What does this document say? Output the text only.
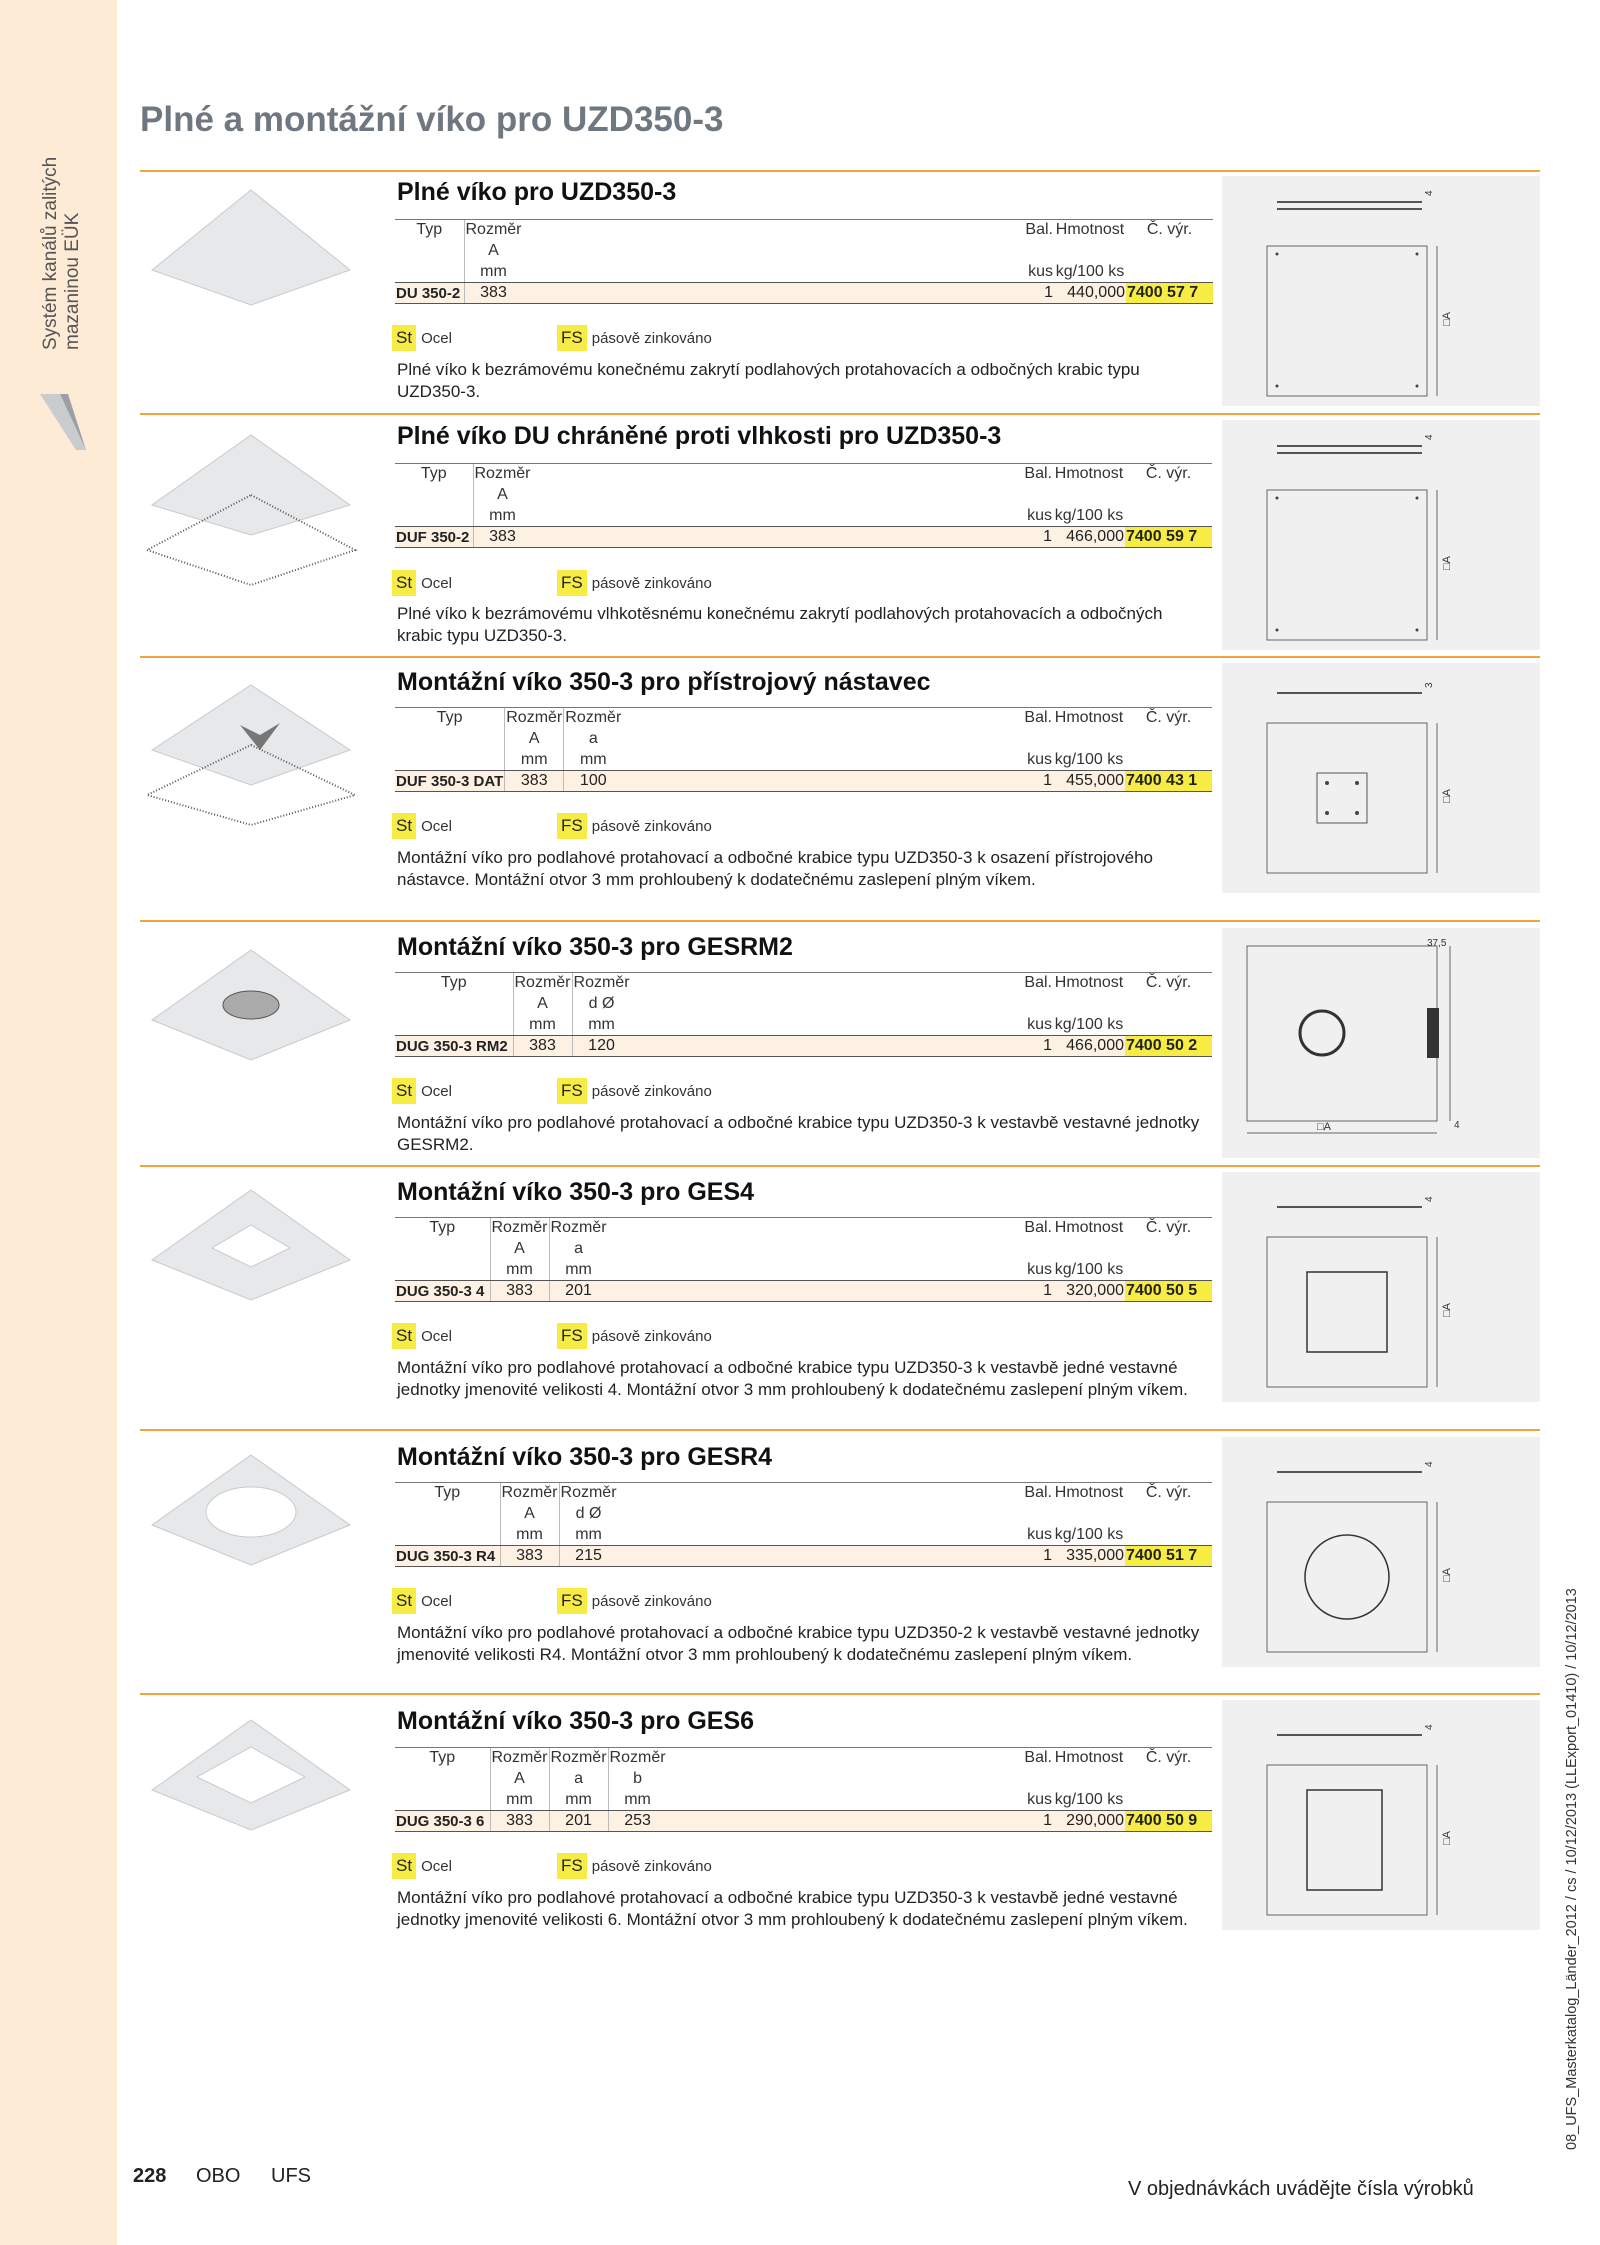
Systém kanálů zalitých mazaninou EÜK
Plné a montážní víko pro UZD350-3
Plné víko pro UZD350-3
Typ	Rozměr		Bal.	Hmotnost	Č. výr.
	A				
	mm		kus	kg/100 ks	
DU 350-2	383		1	440,000	7400 57 7
St Ocel	FS pásově zinkováno
Plné víko k bezrámovému konečnému zakrytí podlahových protahovacích a odbočných krabic typu UZD350-3.
4
□A
Plné víko DU chráněné proti vlhkosti pro UZD350-3
Typ	Rozměr		Bal.	Hmotnost	Č. výr.
	A				
	mm		kus	kg/100 ks	
DUF 350-2	383		1	466,000	7400 59 7
St Ocel	FS pásově zinkováno
Plné víko k bezrámovému vlhkotěsnému konečnému zakrytí podlahových protahovacích a odbočných krabic typu UZD350-3.
4
□A
Montážní víko 350-3 pro přístrojový nástavec
Typ	Rozměr	Rozměr		Bal.	Hmotnost	Č. výr.
	A	a				
	mm	mm		kus	kg/100 ks	
DUF 350-3 DAT	383	100		1	455,000	7400 43 1
St Ocel	FS pásově zinkováno
Montážní víko pro podlahové protahovací a odbočné krabice typu UZD350-3 k osazení přístrojového nástavce. Montážní otvor 3 mm prohloubený k dodatečnému zaslepení plným víkem.
3
□A
Montážní víko 350-3 pro GESRM2
Typ	Rozměr	Rozměr		Bal.	Hmotnost	Č. výr.
	A	d Ø				
	mm	mm		kus	kg/100 ks	
DUG 350-3 RM2	383	120		1	466,000	7400 50 2
St Ocel	FS pásově zinkováno
Montážní víko pro podlahové protahovací a odbočné krabice typu UZD350-3 k vestavbě vestavné jednotky GESRM2.
37,5
4
□A
Montážní víko 350-3 pro GES4
Typ	Rozměr	Rozměr		Bal.	Hmotnost	Č. výr.
	A	a				
	mm	mm		kus	kg/100 ks	
DUG 350-3 4	383	201		1	320,000	7400 50 5
St Ocel	FS pásově zinkováno
Montážní víko pro podlahové protahovací a odbočné krabice typu UZD350-3 k vestavbě jedné vestavné jednotky jmenovité velikosti 4. Montážní otvor 3 mm prohloubený k dodatečnému zaslepení plným víkem.
4
□A
Montážní víko 350-3 pro GESR4
Typ	Rozměr	Rozměr		Bal.	Hmotnost	Č. výr.
	A	d Ø				
	mm	mm		kus	kg/100 ks	
DUG 350-3 R4	383	215		1	335,000	7400 51 7
St Ocel	FS pásově zinkováno
Montážní víko pro podlahové protahovací a odbočné krabice typu UZD350-2 k vestavbě vestavné jednotky jmenovité velikosti R4. Montážní otvor 3 mm prohloubený k dodatečnému zaslepení plným víkem.
4
□A
Montážní víko 350-3 pro GES6
Typ	Rozměr	Rozměr	Rozměr		Bal.	Hmotnost	Č. výr.
	A	a	b				
	mm	mm	mm		kus	kg/100 ks	
DUG 350-3 6	383	201	253		1	290,000	7400 50 9
St Ocel	FS pásově zinkováno
Montážní víko pro podlahové protahovací a odbočné krabice typu UZD350-3 k vestavbě jedné vestavné jednotky jmenovité velikosti 6. Montážní otvor 3 mm prohloubený k dodatečnému zaslepení plným víkem.
4
□A
228 OBO UFS
V objednávkách uvádějte čísla výrobků
08_UFS_Masterkatalog_Länder_2012 / cs / 10/12/2013 (LLExport_01410) / 10/12/2013
